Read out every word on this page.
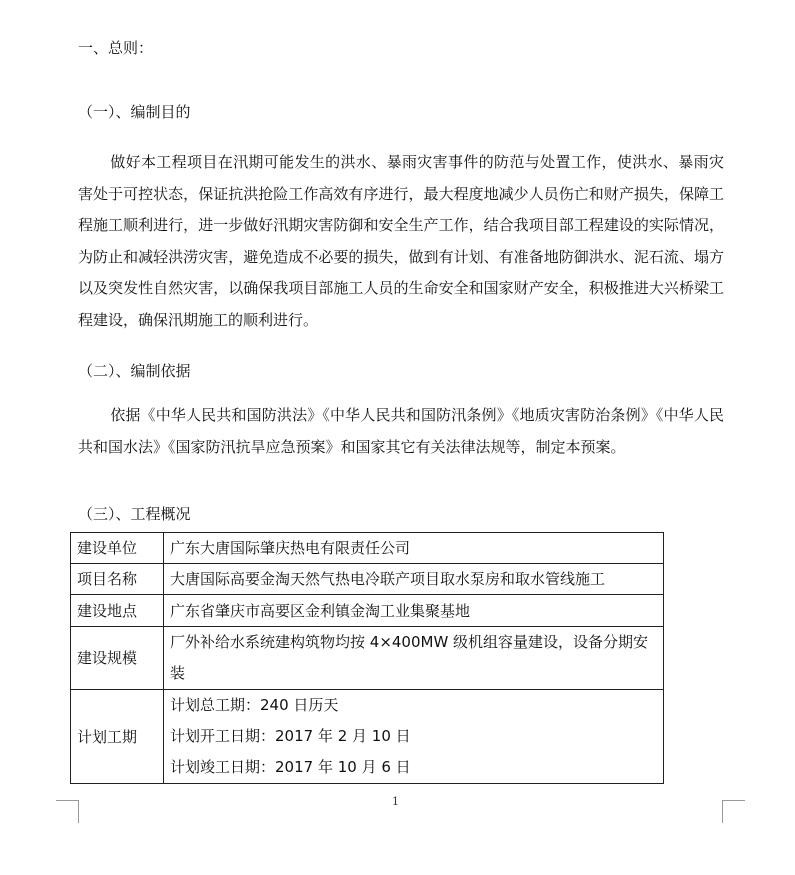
一、总则：
（一）、编制目的
做好本工程项目在汛期可能发生的洪水、暴雨灾害事件的防范与处置工作，使洪水、暴雨灾害处于可控状态，保证抗洪抢险工作高效有序进行，最大程度地减少人员伤亡和财产损失，保障工程施工顺利进行，进一步做好汛期灾害防御和安全生产工作，结合我项目部工程建设的实际情况，为防止和减轻洪涝灾害，避免造成不必要的损失，做到有计划、有准备地防御洪水、泥石流、塌方以及突发性自然灾害，以确保我项目部施工人员的生命安全和国家财产安全，积极推进大兴桥梁工程建设，确保汛期施工的顺利进行。
（二）、编制依据
依据《中华人民共和国防洪法》《中华人民共和国防汛条例》《地质灾害防治条例》《中华人民共和国水法》《国家防汛抗旱应急预案》和国家其它有关法律法规等，制定本预案。
（三）、工程概况
建设单位	广东大唐国际肇庆热电有限责任公司
项目名称	大唐国际高要金淘天然气热电冷联产项目取水泵房和取水管线施工
建设地点	广东省肇庆市高要区金利镇金淘工业集聚基地
建设规模	厂外补给水系统建构筑物均按 4×400MW 级机组容量建设，设备分期安装

计划工期	计划总工期：240 日历天
计划开工日期：2017 年 2 月 10 日
计划竣工日期：2017 年 10 月 6 日
1
